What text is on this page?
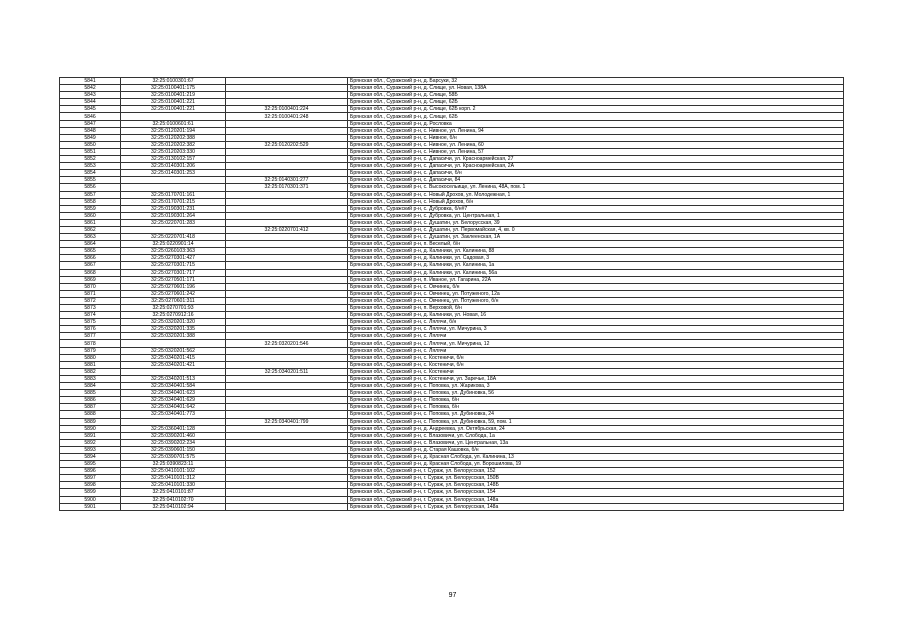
5841	32:25:0100301:67		Брянская обл., Суражский р-н, д. Барсуки, 32
5842	32:25:0100401:175		Брянская обл., Суражский р-н, д. Слище, ул. Новая, 138А
5843	32:25:0100401:219		Брянская обл., Суражский р-н, д. Слище, 58Б
5844	32:25:0100401:221		Брянская обл., Суражский р-н, д. Слище, 62Б
5845	32:25:0100401:221	32:25:0100401:224	Брянская обл., Суражский р-н, д. Слище, 62Б корп. 2
5846		32:25:0100401:248	Брянская обл., Суражский р-н, д. Слище, 62Б
5847	32:25:0100601:61		Брянская обл., Суражский р-н, д. Рословка
5848	32:25:0120201:194		Брянская обл., Суражский р-н, с. Нивное, ул. Ленина, 94
5849	32:25:0120202:388		Брянская обл., Суражский р-н, с. Нивное, б/н
5850	32:25:0120202:382	32:25:0120202:529	Брянская обл., Суражский р-н, с. Нивное, ул. Ленина, 60
5851	32:25:0120203:330		Брянская обл., Суражский р-н, с. Нивное, ул. Ленина, 57
5852	32:25:0130102:157		Брянская обл., Суражский р-н, с. Дапасичи, ул. Красноармейская, 27
5853	32:25:0140301:206		Брянская обл., Суражский р-н, с. Дапасичи, ул. Красноармейская, 2А
5854	32:25:0140301:253		Брянская обл., Суражский р-н, с. Дапасичи, б/н
5855		32:25:0140301:277	Брянская обл., Суражский р-н, с. Дапасичи, 84
5856		32:25:0170301:371	Брянская обл., Суражский р-н, с. Высокосельище, ул. Ленина, 48А, пом. 1
5857	32:25:0170701:161		Брянская обл., Суражский р-н, с. Новый Дрохов, ул. Молодежная, 1
5858	32:25:0170701:215		Брянская обл., Суражский р-н, с. Новый Дрохов, б/н
5859	32:25:0190301:231		Брянская обл., Суражский р-н, с. Дубровка, б/н#7
5860	32:25:0190301:264		Брянская обл., Суражский р-н, с. Дубровка, ул. Центральная, 1
5861	32:25:0220701:283		Брянская обл., Суражский р-н, с. Душатин, ул. Белорусская, 39
5862		32:25:0220701:412	Брянская обл., Суражский р-н, с. Душатин, ул. Первомайская, 4, кв. 0
5863	32:25:0220701:418		Брянская обл., Суражский р-н, с. Душатин, ул. Заклеенская, 1А
5864	32:25:0220901:14		Брянская обл., Суражский р-н, п. Веселый, б/н
5865	32:25:0260103:363		Брянская обл., Суражский р-н, д. Калиники, ул. Калинина, 88
5866	32:25:0270301:427		Брянская обл., Суражский р-н, д. Калиники, ул. Садовая, 3
5867	32:25:0270301:715		Брянская обл., Суражский р-н, д. Калиники, ул. Калинина, 1а
5868	32:25:0270301:717		Брянская обл., Суражский р-н, д. Калиники, ул. Калинина, 56а
5869	32:25:0270501:171		Брянская обл., Суражский р-н, п. Иваное, ул. Гагарина, 22А
5870	32:25:0270601:196		Брянская обл., Суражский р-н, с. Овчинец, б/н
5871	32:25:0270601:242		Брянская обл., Суражский р-н, с. Овчинец, ул. Потуженого, 12а
5872	32:25:0270601:311		Брянская обл., Суражский р-н, с. Овчинец, ул. Потуженого, б/н
5873	32:25:0270701:93		Брянская обл., Суражский р-н, п. Верховой, б/н
5874	32:25:0270912:16		Брянская обл., Суражский р-н, д. Калиники, ул. Новая, 16
5875	32:25:0320201:320		Брянская обл., Суражский р-н, с. Лялячи, б/н
5876	32:25:0320201:335		Брянская обл., Суражский р-н, с. Лялячи, ул. Мичурина, 3
5877	32:25:0320201:388		Брянская обл., Суражский р-н, с. Лялячи
5878		32:25:0320201:546	Брянская обл., Суражский р-н, с. Лялячи, ул. Мичурина, 12
5879	32:25:0320201:562		Брянская обл., Суражский р-н, с. Лялячи
5880	32:25:0340201:415		Брянская обл., Суражский р-н, с. Костеничи, б/н
5881	32:25:0340201:421		Брянская обл., Суражский р-н, с. Костеничи, б/н
5882		32:25:0340201:511	Брянская обл., Суражский р-н, с. Костеничи
5883	32:25:0340201:513		Брянская обл., Суражский р-н, с. Костеничи, ул. Заречье, 18А
5884	32:25:0340401:584		Брянская обл., Суражский р-н, с. Поповка, ул. Жарикова, 3
5885	32:25:0340401:623		Брянская обл., Суражский р-н, с. Поповка, ул. Дубиновка, 56
5886	32:25:0340401:629		Брянская обл., Суражский р-н, с. Поповка, б/н
5887	32:25:0340401:642		Брянская обл., Суражский р-н, с. Поповка, б/н
5888	32:25:0340401:773		Брянская обл., Суражский р-н, с. Поповка, ул. Дубиновка, 24
5889		32:25:0340401:799	Брянская обл., Суражский р-н, с. Поповка, ул. Дубиновка, 59, пом. 1
5890	32:25:0360401:128		Брянская обл., Суражский р-н, д. Андреевка, ул. Октябрьская, 24
5891	32:25:0390201:460		Брянская обл., Суражский р-н, с. Влазовичи, ул. Слобода, 1а
5892	32:25:0390202:234		Брянская обл., Суражский р-н, с. Влазовичи, ул. Центральная, 13а
5893	32:25:0390601:150		Брянская обл., Суражский р-н, д. Старая Кашовка, б/н
5894	32:25:0390701:575		Брянская обл., Суражский р-н, д. Красная Слобода, ул. Калинина, 13
5895	32:25:0390823:11		Брянская обл., Суражский р-н, д. Красная Слобода, ул. Ворошилова, 19
5896	32:25:0410101:102		Брянская обл., Суражский р-н, г. Сураж, ул. Белорусская, 152
5897	32:25:0410101:312		Брянская обл., Суражский р-н, г. Сураж, ул. Белорусская, 150В
5898	32:25:0410101:330		Брянская обл., Суражский р-н, г. Сураж, ул. Белорусская, 148Б
5899	32:25:0410101:87		Брянская обл., Суражский р-н, г. Сураж, ул. Белорусская, 154
5900	32:25:0410102:70		Брянская обл., Суражский р-н, г. Сураж, ул. Белорусская, 148а
5901	32:25:0410102:94		Брянская обл., Суражский р-н, г. Сураж, ул. Белорусская, 148а
97
